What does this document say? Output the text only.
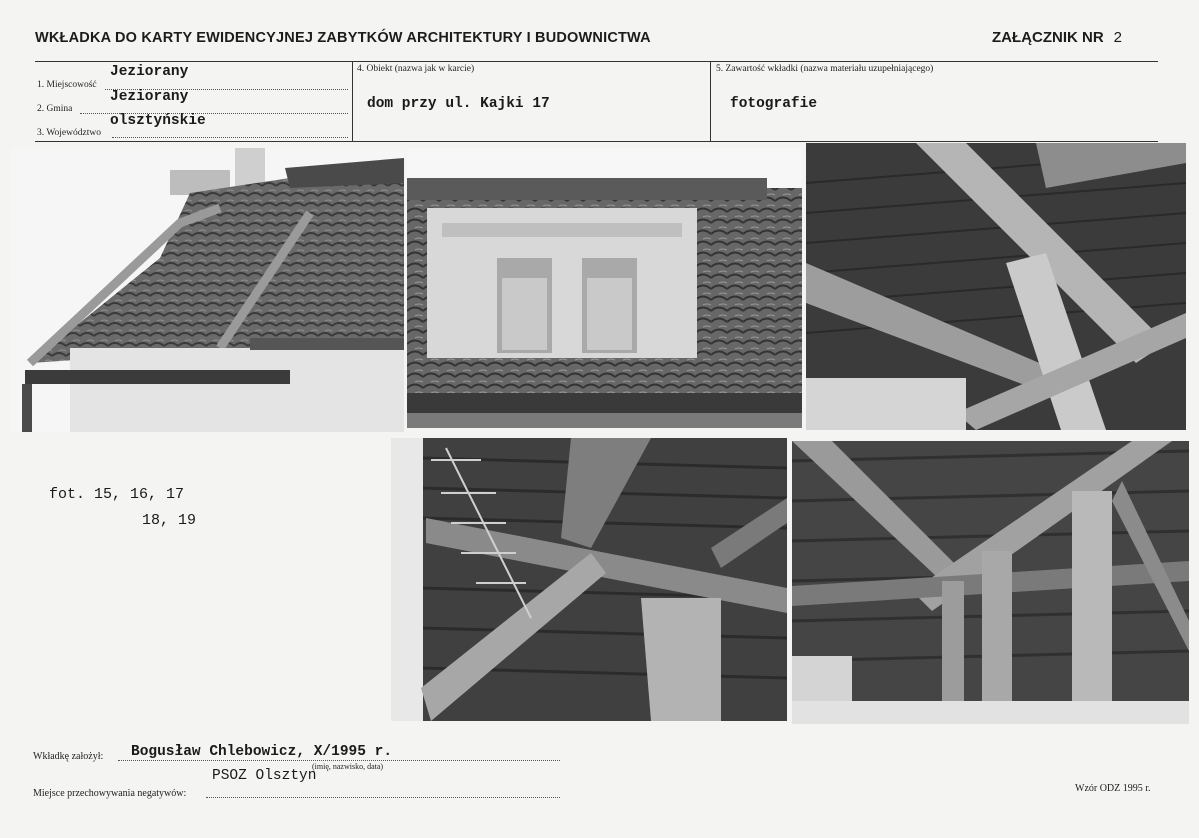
WKŁADKA DO KARTY EWIDENCYJNEJ ZABYTKÓW ARCHITEKTURY I BUDOWNICTWA	ZAŁĄCZNIK NR 2
1. Miejscowość
Jeziorany
2. Gmina
Jeziorany
3. Województwo
olsztyńskie
4. Obiekt (nazwa jak w karcie)
dom przy ul. Kajki 17
5. Zawartość wkładki (nazwa materiału uzupełniającego)
fotografie
fot. 15, 16, 17
18, 19
Wkładkę założył: Bogusław Chlebowicz, X/1995 r.
(imię, nazwisko, data)
PSOZ Olsztyn
Miejsce przechowywania negatywów:	Wzór ODZ 1995 r.
